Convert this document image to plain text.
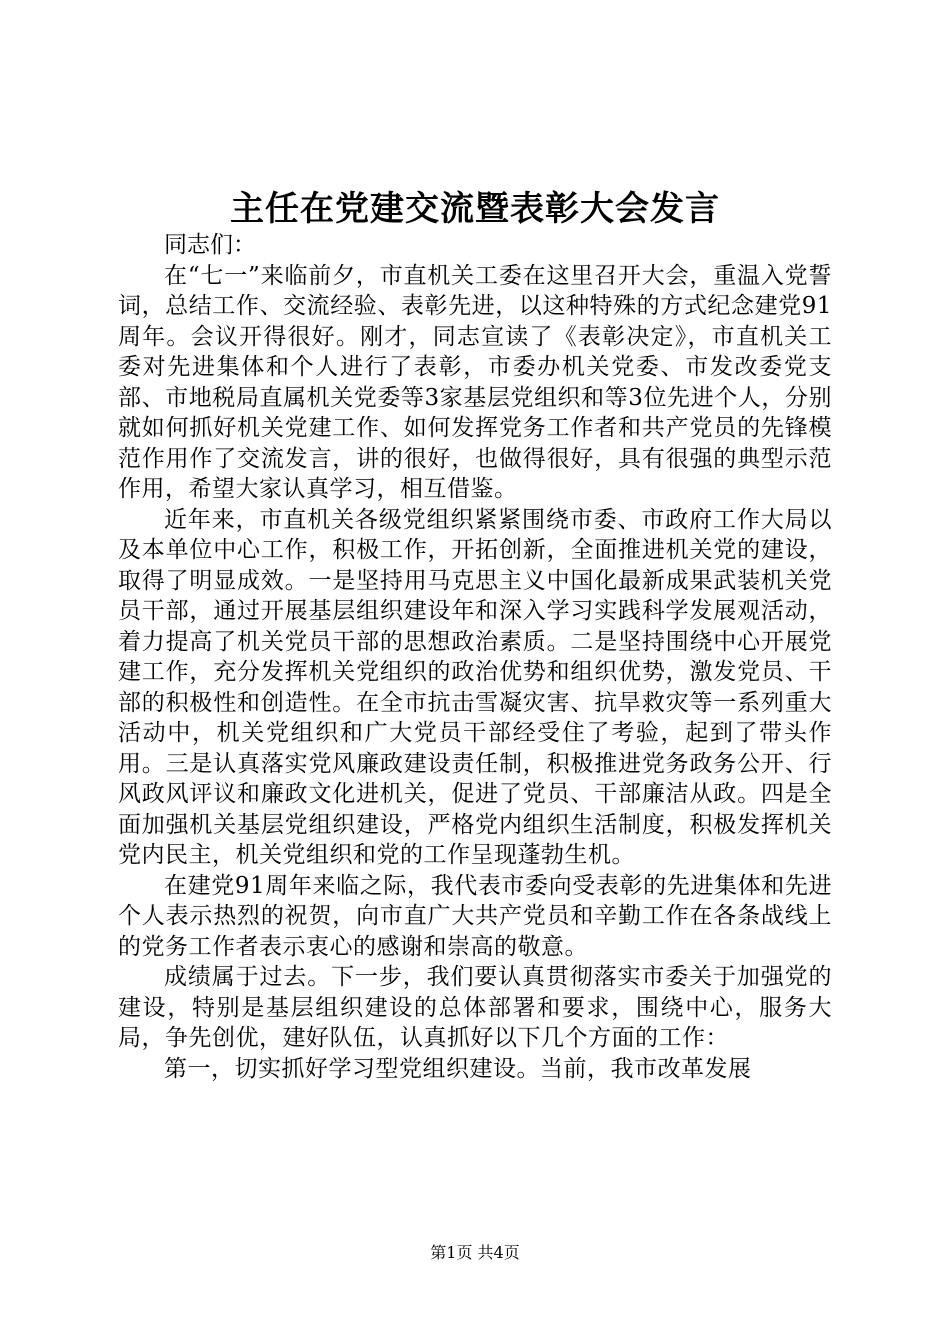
主任在党建交流暨表彰大会发言

同志们：

在“七一”来临前夕，市直机关工委在这里召开大会，重温入党誓词，总结工作、交流经验、表彰先进，以这种特殊的方式纪念建党91周年。会议开得很好。刚才，同志宣读了《表彰决定》，市直机关工委对先进集体和个人进行了表彰，市委办机关党委、市发改委党支部、市地税局直属机关党委等3家基层党组织和等3位先进个人，分别就如何抓好机关党建工作、如何发挥党务工作者和共产党员的先锋模范作用作了交流发言，讲的很好，也做得很好，具有很强的典型示范作用，希望大家认真学习，相互借鉴。

近年来，市直机关各级党组织紧紧围绕市委、市政府工作大局以及本单位中心工作，积极工作，开拓创新，全面推进机关党的建设，取得了明显成效。一是坚持用马克思主义中国化最新成果武装机关党员干部，通过开展基层组织建设年和深入学习实践科学发展观活动，着力提高了机关党员干部的思想政治素质。二是坚持围绕中心开展党建工作，充分发挥机关党组织的政治优势和组织优势，激发党员、干部的积极性和创造性。在全市抗击雪凝灾害、抗旱救灾等一系列重大活动中，机关党组织和广大党员干部经受住了考验，起到了带头作用。三是认真落实党风廉政建设责任制，积极推进党务政务公开、行风政风评议和廉政文化进机关，促进了党员、干部廉洁从政。四是全面加强机关基层党组织建设，严格党内组织生活制度，积极发挥机关党内民主，机关党组织和党的工作呈现蓬勃生机。

在建党91周年来临之际，我代表市委向受表彰的先进集体和先进个人表示热烈的祝贺，向市直广大共产党员和辛勤工作在各条战线上的党务工作者表示衷心的感谢和崇高的敬意。

成绩属于过去。下一步，我们要认真贯彻落实市委关于加强党的建设，特别是基层组织建设的总体部署和要求，围绕中心，服务大局，争先创优，建好队伍，认真抓好以下几个方面的工作：

第一，切实抓好学习型党组织建设。当前，我市改革发展

第1页 共4页
